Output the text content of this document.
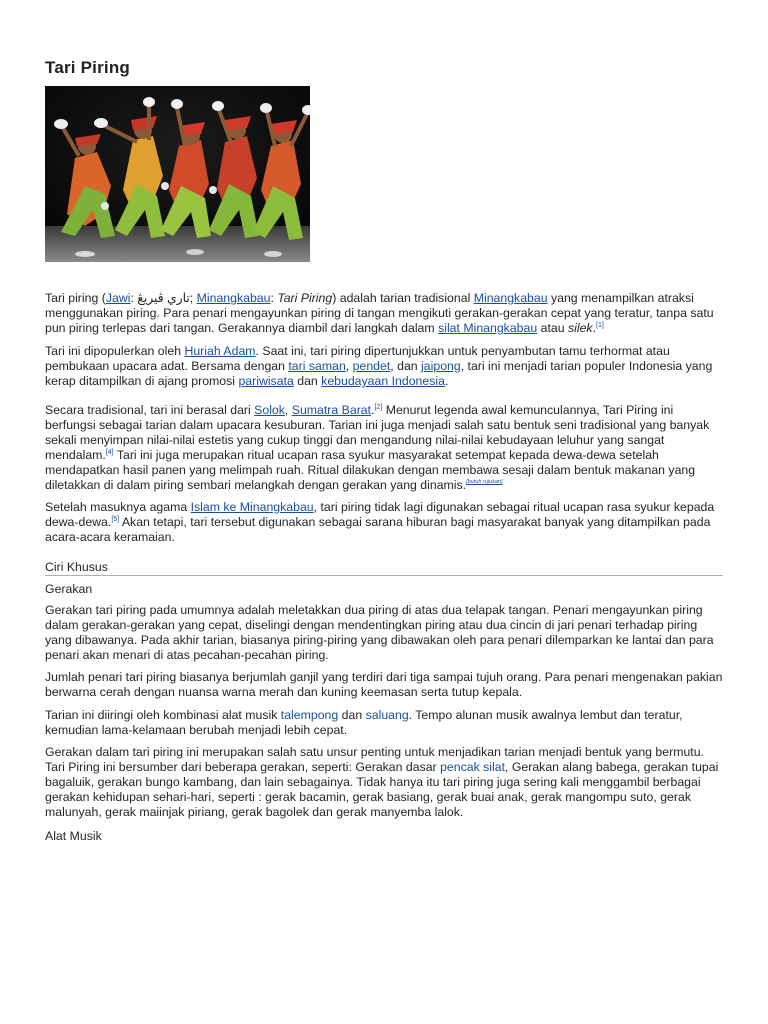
Tari Piring

Tari piring (Jawi: تاري ڤيريڠ; Minangkabau: Tari Piring) adalah tarian tradisional Minangkabau yang menampilkan atraksi menggunakan piring. Para penari mengayunkan piring di tangan mengikuti gerakan-gerakan cepat yang teratur, tanpa satu pun piring terlepas dari tangan. Gerakannya diambil dari langkah dalam silat Minangkabau atau silek.[1]

Tari ini dipopulerkan oleh Huriah Adam. Saat ini, tari piring dipertunjukkan untuk penyambutan tamu terhormat atau pembukaan upacara adat. Bersama dengan tari saman, pendet, dan jaipong, tari ini menjadi tarian populer Indonesia yang kerap ditampilkan di ajang promosi pariwisata dan kebudayaan Indonesia.

Secara tradisional, tari ini berasal dari Solok, Sumatra Barat.[2] Menurut legenda awal kemunculannya, Tari Piring ini berfungsi sebagai tarian dalam upacara kesuburan. Tarian ini juga menjadi salah satu bentuk seni tradisional yang banyak sekali menyimpan nilai-nilai estetis yang cukup tinggi dan mengandung nilai-nilai kebudayaan leluhur yang sangat mendalam.[4] Tari ini juga merupakan ritual ucapan rasa syukur masyarakat setempat kepada dewa-dewa setelah mendapatkan hasil panen yang melimpah ruah. Ritual dilakukan dengan membawa sesaji dalam bentuk makanan yang diletakkan di dalam piring sembari melangkah dengan gerakan yang dinamis.[butuh rujukan]

Setelah masuknya agama Islam ke Minangkabau, tari piring tidak lagi digunakan sebagai ritual ucapan rasa syukur kepada dewa-dewa.[5] Akan tetapi, tari tersebut digunakan sebagai sarana hiburan bagi masyarakat banyak yang ditampilkan pada acara-acara keramaian.

Ciri Khusus
Gerakan

Gerakan tari piring pada umumnya adalah meletakkan dua piring di atas dua telapak tangan. Penari mengayunkan piring dalam gerakan-gerakan yang cepat, diselingi dengan mendentingkan piring atau dua cincin di jari penari terhadap piring yang dibawanya. Pada akhir tarian, biasanya piring-piring yang dibawakan oleh para penari dilemparkan ke lantai dan para penari akan menari di atas pecahan-pecahan piring.

Jumlah penari tari piring biasanya berjumlah ganjil yang terdiri dari tiga sampai tujuh orang. Para penari mengenakan pakian berwarna cerah dengan nuansa warna merah dan kuning keemasan serta tutup kepala.

Tarian ini diiringi oleh kombinasi alat musik talempong dan saluang. Tempo alunan musik awalnya lembut dan teratur, kemudian lama-kelamaan berubah menjadi lebih cepat.

Gerakan dalam tari piring ini merupakan salah satu unsur penting untuk menjadikan tarian menjadi bentuk yang bermutu. Tari Piring ini bersumber dari beberapa gerakan, seperti: Gerakan dasar pencak silat, Gerakan alang babega, gerakan tupai bagaluik, gerakan bungo kambang, dan lain sebagainya. Tidak hanya itu tari piring juga sering kali menggambil berbagai gerakan kehidupan sehari-hari, seperti : gerak bacamin, gerak basiang, gerak buai anak, gerak mangompu suto, gerak malunyah, gerak maiinjak piriang, gerak bagolek dan gerak manyemba lalok.

Alat Musik
